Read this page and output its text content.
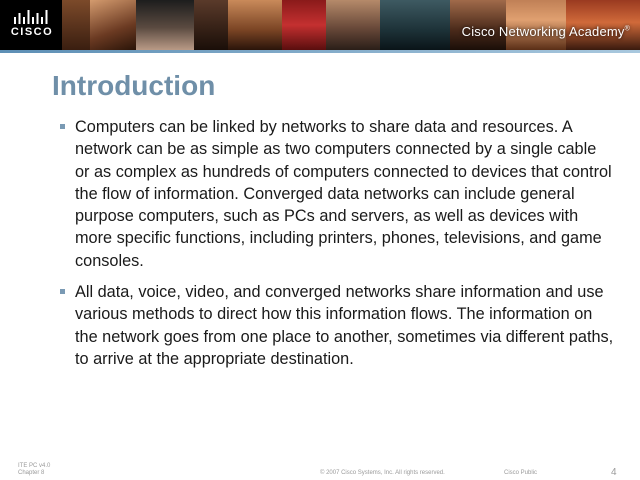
CISCO	Cisco Networking Academy®
Introduction
Computers can be linked by networks to share data and resources. A network can be as simple as two computers connected by a single cable or as complex as hundreds of computers connected to devices that control the flow of information. Converged data networks can include general purpose computers, such as PCs and servers, as well as devices with more specific functions, including printers, phones, televisions, and game consoles.
All data, voice, video, and converged networks share information and use various methods to direct how this information flows. The information on the network goes from one place to another, sometimes via different paths, to arrive at the appropriate destination.
ITE PC v4.0
Chapter 8	© 2007 Cisco Systems, Inc. All rights reserved.	Cisco Public	4
